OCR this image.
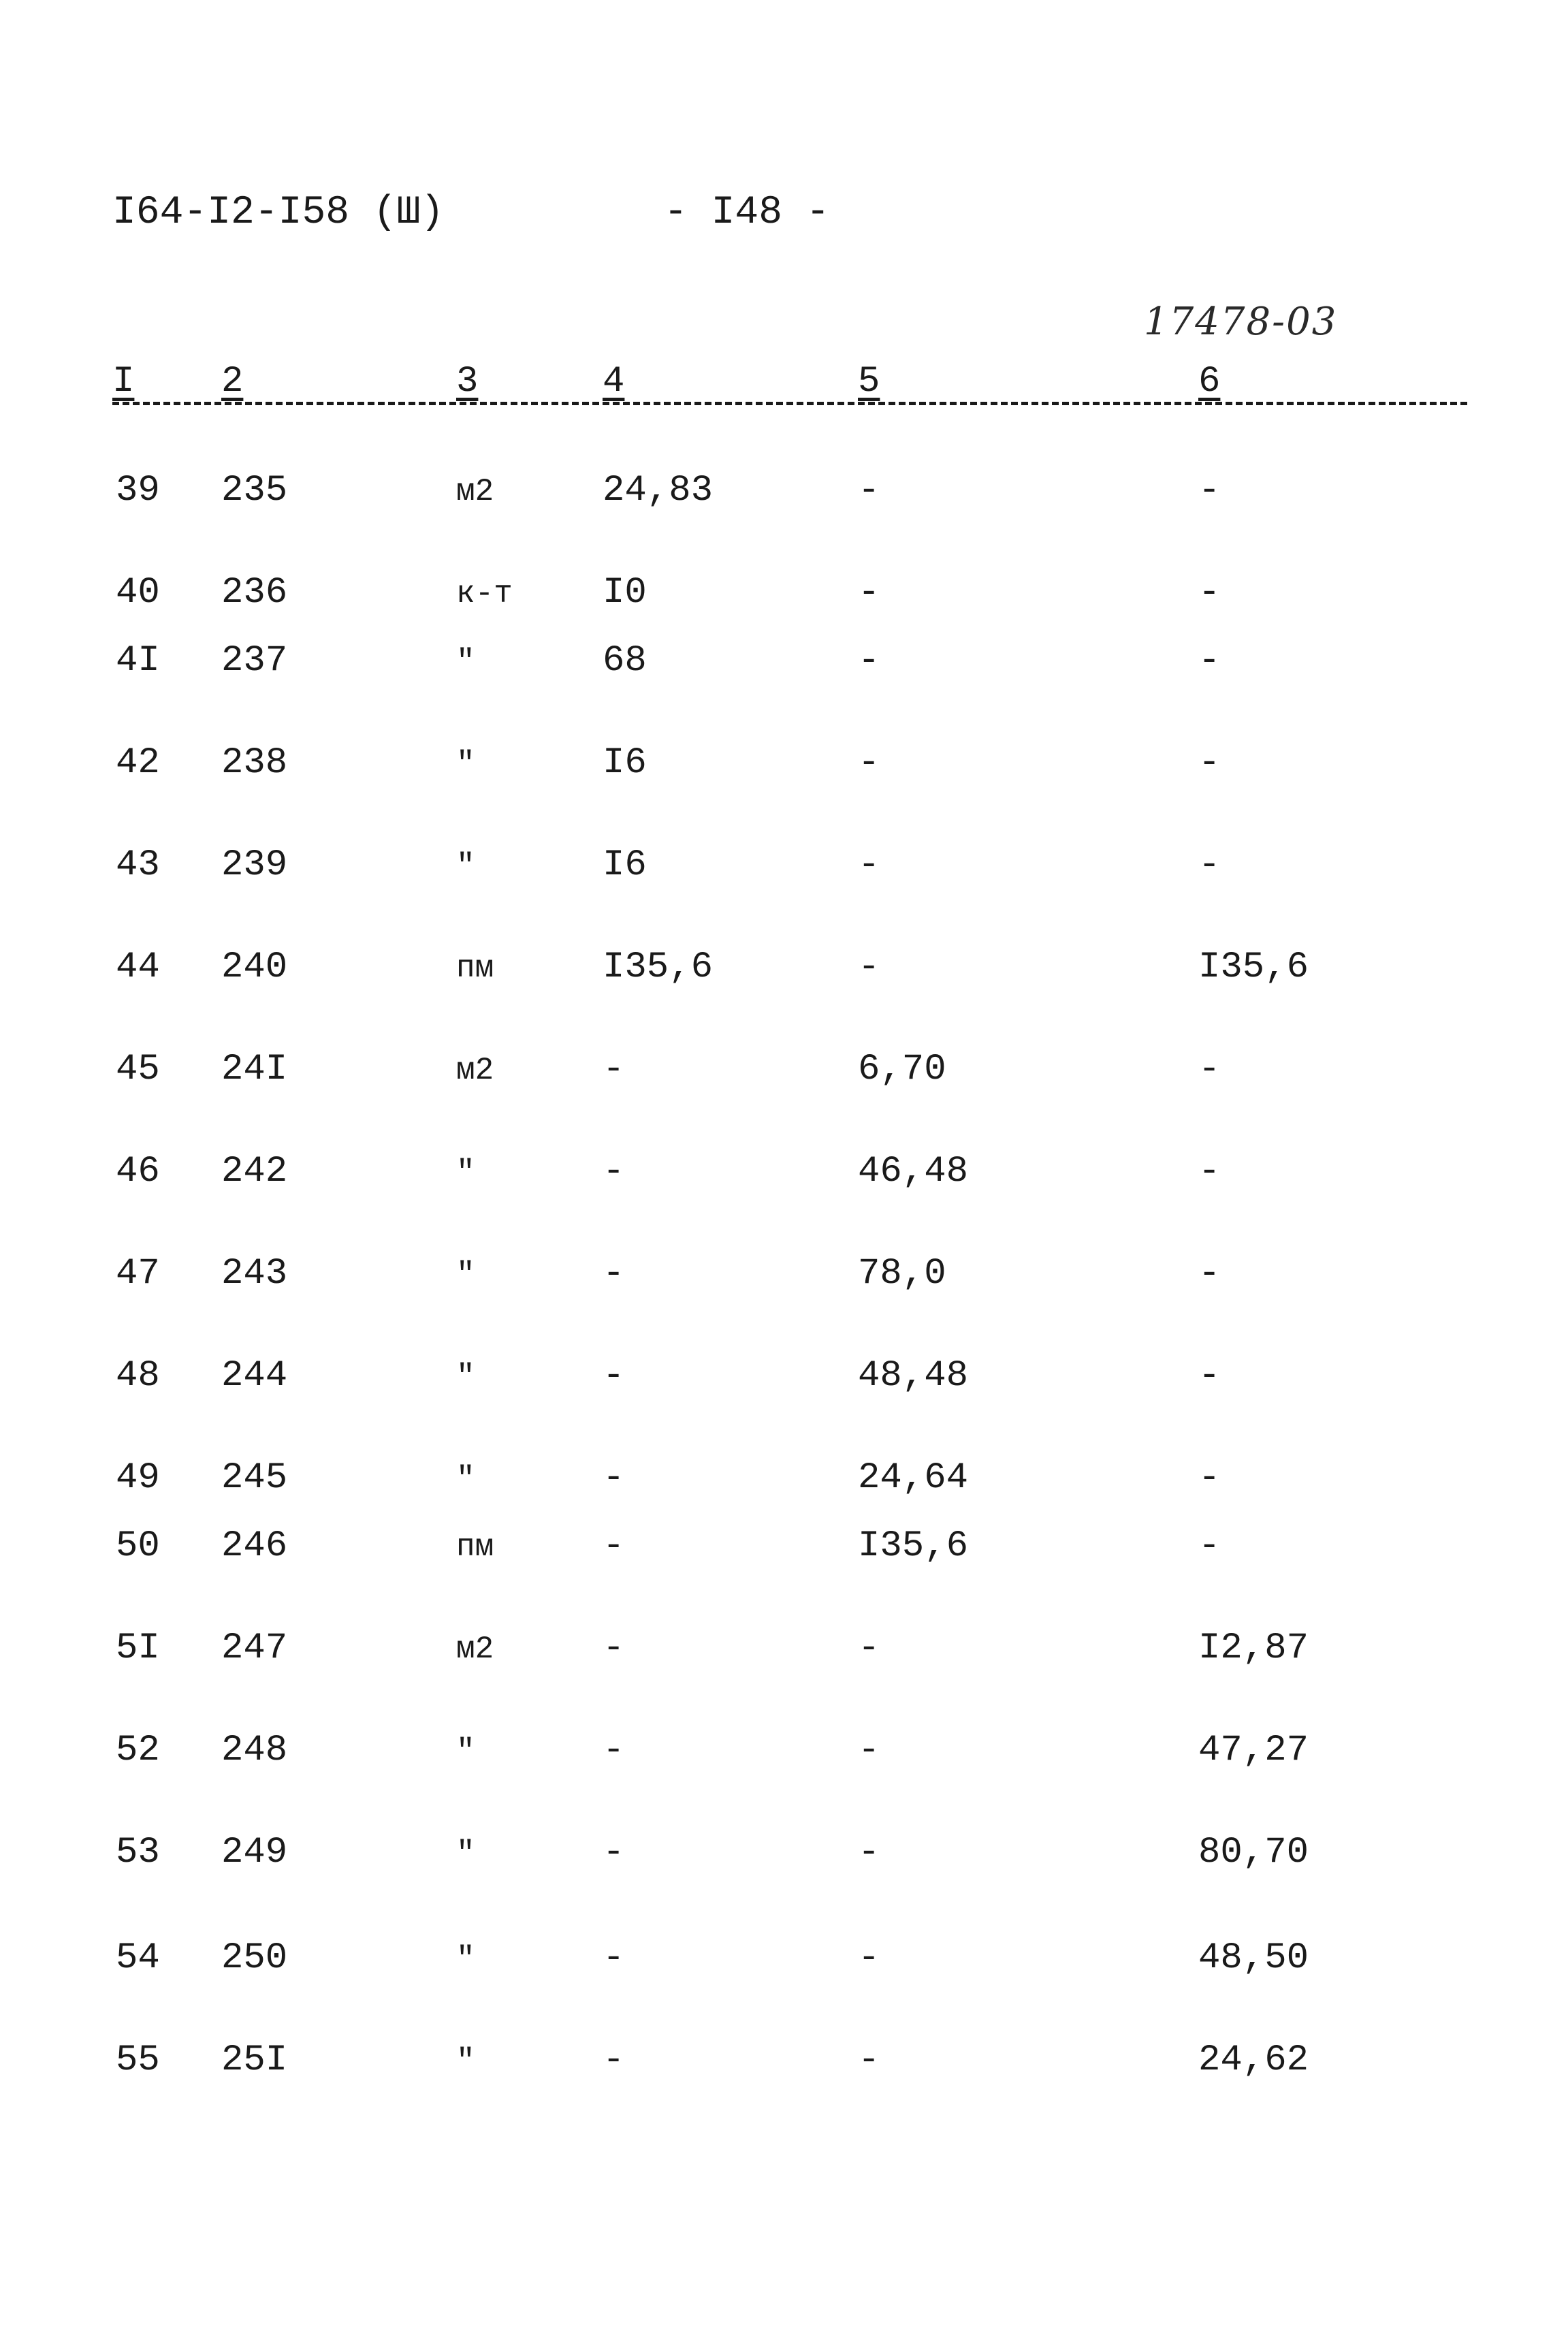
I64-I2-I58 (Ш)	- I48 -
17478-03
I 2	3	4	5	6
39 235	м2	24,83	-	-
40 236	к-т I0	-	-
4I 237	"	68	-	-
42 238	"	I6	-	-
43 239	"	I6	-	-
44 240	пм	I35,6	-	I35,6
45 24I	м2	-	6,70	-
46 242	"	-	46,48	-
47 243	"	-	78,0	-
48 244	"	-	48,48	-
49 245	"	-	24,64	-
50 246	пм	-	I35,6	-
5I 247	м2	-	-	I2,87
52 248	"	-	-	47,27
53 249	"	-	-	80,70
54 250	"	-	-	48,50
55 25I	"	-	-	24,62
